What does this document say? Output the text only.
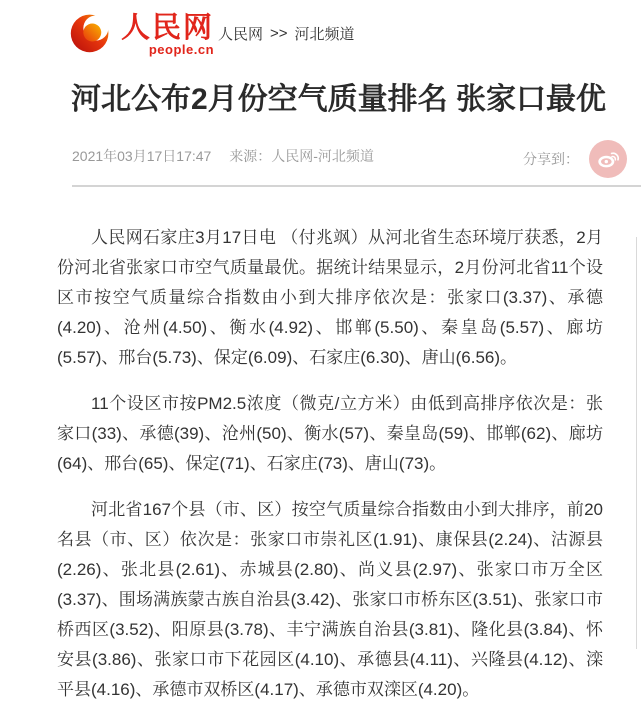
人民网
people.cn
人民网 >> 河北频道
河北公布2月份空气质量排名 张家口最优
2021年03月17日17:47 来源：人民网-河北频道	分享到：

人民网石家庄3月17日电 （付兆飒）从河北省生态环境厅获悉，2月份河北省张家口市空气质量最优。据统计结果显示，2月份河北省11个设区市按空气质量综合指数由小到大排序依次是：张家口(3.37)、承德(4.20)、沧州(4.50)、衡水(4.92)、邯郸(5.50)、秦皇岛(5.57)、廊坊(5.57)、邢台(5.73)、保定(6.09)、石家庄(6.30)、唐山(6.56)。

11个设区市按PM2.5浓度（微克/立方米）由低到高排序依次是：张家口(33)、承德(39)、沧州(50)、衡水(57)、秦皇岛(59)、邯郸(62)、廊坊(64)、邢台(65)、保定(71)、石家庄(73)、唐山(73)。

河北省167个县（市、区）按空气质量综合指数由小到大排序，前20名县（市、区）依次是：张家口市崇礼区(1.91)、康保县(2.24)、沽源县(2.26)、张北县(2.61)、赤城县(2.80)、尚义县(2.97)、张家口市万全区(3.37)、围场满族蒙古族自治县(3.42)、张家口市桥东区(3.51)、张家口市桥西区(3.52)、阳原县(3.78)、丰宁满族自治县(3.81)、隆化县(3.84)、怀安县(3.86)、张家口市下花园区(4.10)、承德县(4.11)、兴隆县(4.12)、滦平县(4.16)、承德市双桥区(4.17)、承德市双滦区(4.20)。
